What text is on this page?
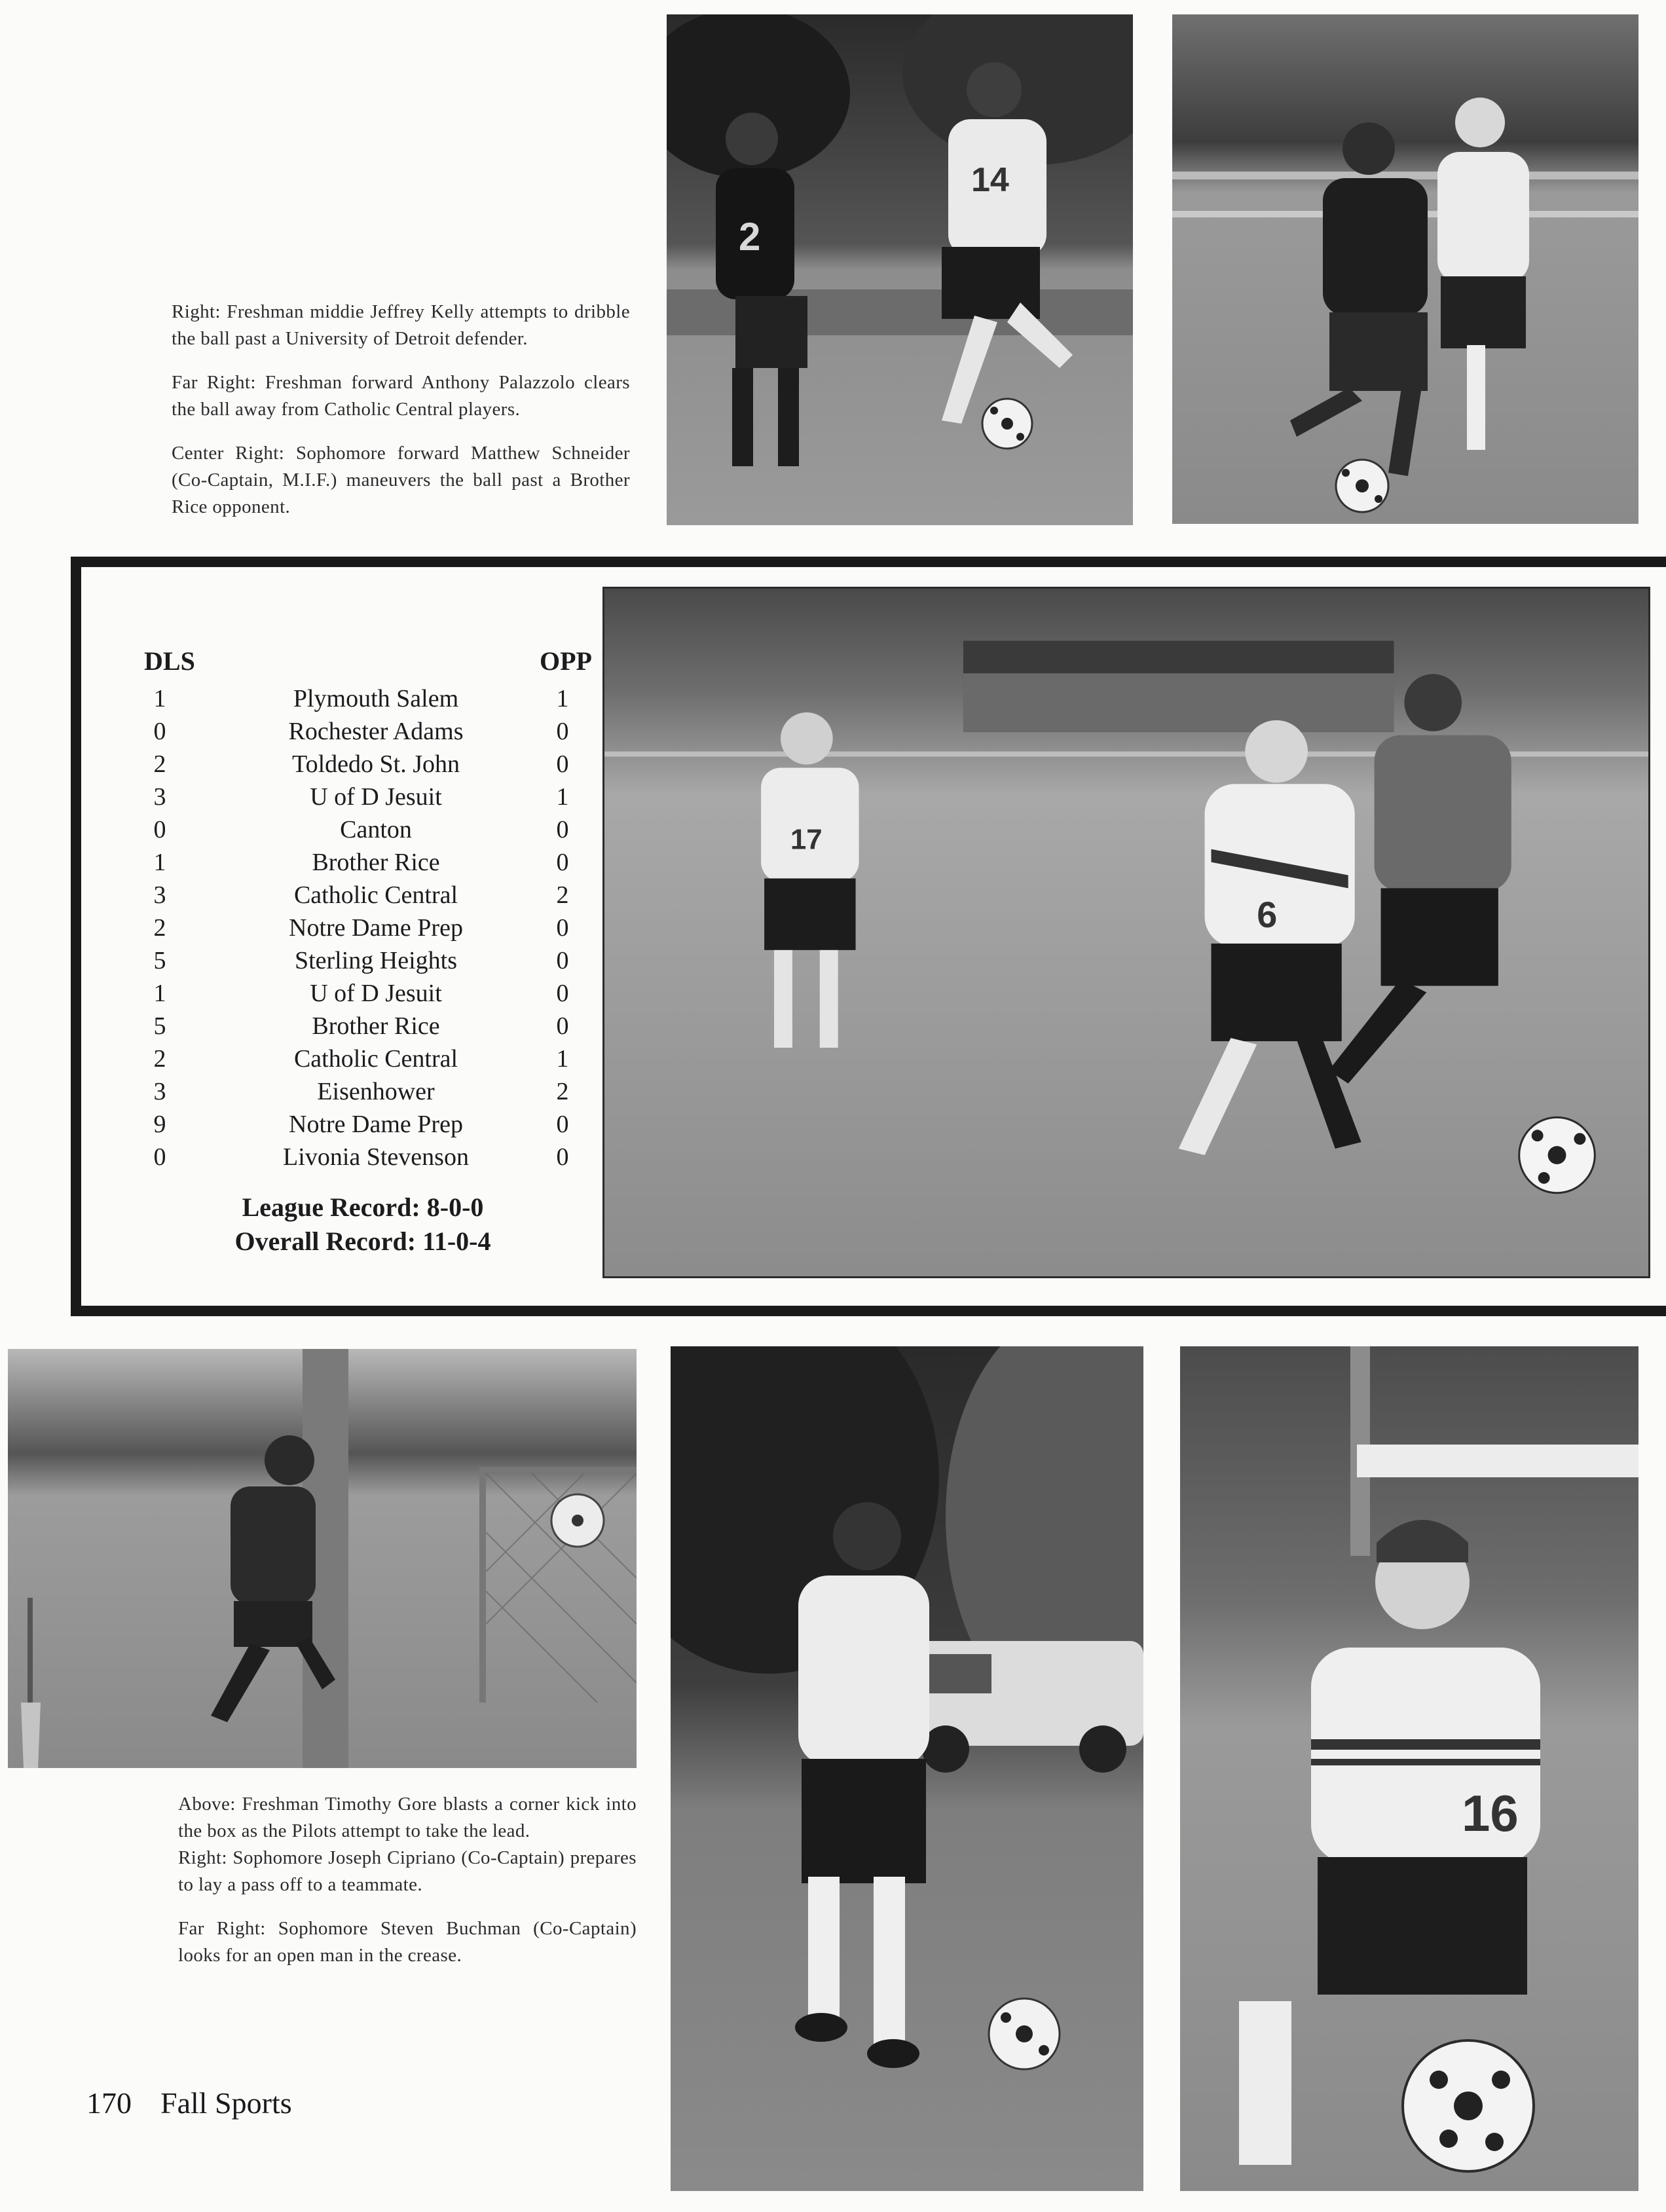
Right: Freshman middie Jeffrey Kelly attempts to dribble the ball past a University of Detroit defender.

Far Right: Freshman forward Anthony Palazzolo clears the ball away from Catholic Central players.

Center Right: Sophomore forward Matthew Schneider (Co-Captain, M.I.F.) maneuvers the ball past a Brother Rice opponent.

2
14
DLS	OPP
1	Plymouth Salem	1
0	Rochester Adams	0
2	Toldedo St. John	0
3	U of D Jesuit	1
0	Canton	0
1	Brother Rice	0
3	Catholic Central	2
2	Notre Dame Prep	0
5	Sterling Heights	0
1	U of D Jesuit	0
5	Brother Rice	0
2	Catholic Central	1
3	Eisenhower	2
9	Notre Dame Prep	0
0	Livonia Stevenson	0
League Record: 8-0-0
Overall Record: 11-0-4
17
6

Above: Freshman Timothy Gore blasts a corner kick into the box as the Pilots attempt to take the lead.

Right: Sophomore Joseph Cipriano (Co-Captain) prepares to lay a pass off to a teammate.

Far Right: Sophomore Steven Buchman (Co-Captain) looks for an open man in the crease.

16
170 Fall Sports
